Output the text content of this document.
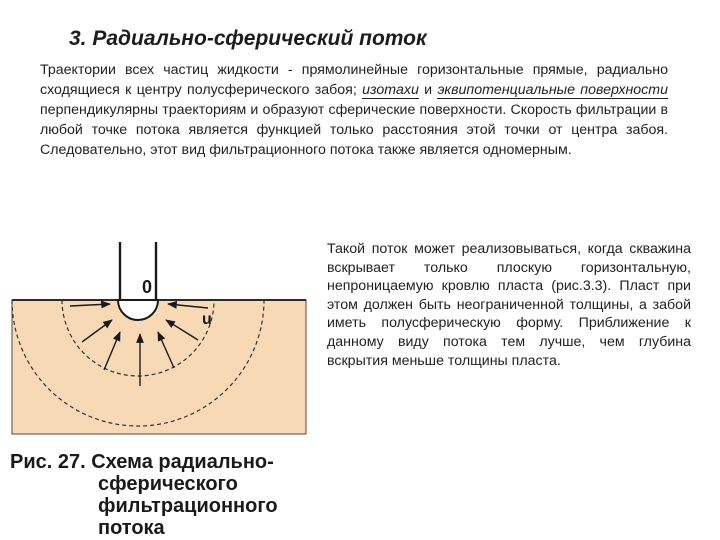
3. Радиально-сферический поток
Траектории всех частиц жидкости - прямолинейные горизонтальные прямые, радиально сходящиеся к центру полусферического забоя; изотахи и эквипотенциальные поверхности перпендикулярны траекториям и образуют сферические поверхности. Скорость фильтрации в любой точке потока является функцией только расстояния этой точки от центра забоя. Следовательно, этот вид фильтрационного потока также является одномерным.
0
u
Такой поток может реализовываться, когда скважина вскрывает только плоскую горизонтальную, непроницаемую кровлю пласта (рис.3.3). Пласт при этом должен быть неограниченной толщины, а забой иметь полусферическую форму. Приближение к данному виду потока тем лучше, чем глубина вскрытия меньше толщины пласта.
Рис. 27. Схема радиально-
сферического
фильтрационного
потока
